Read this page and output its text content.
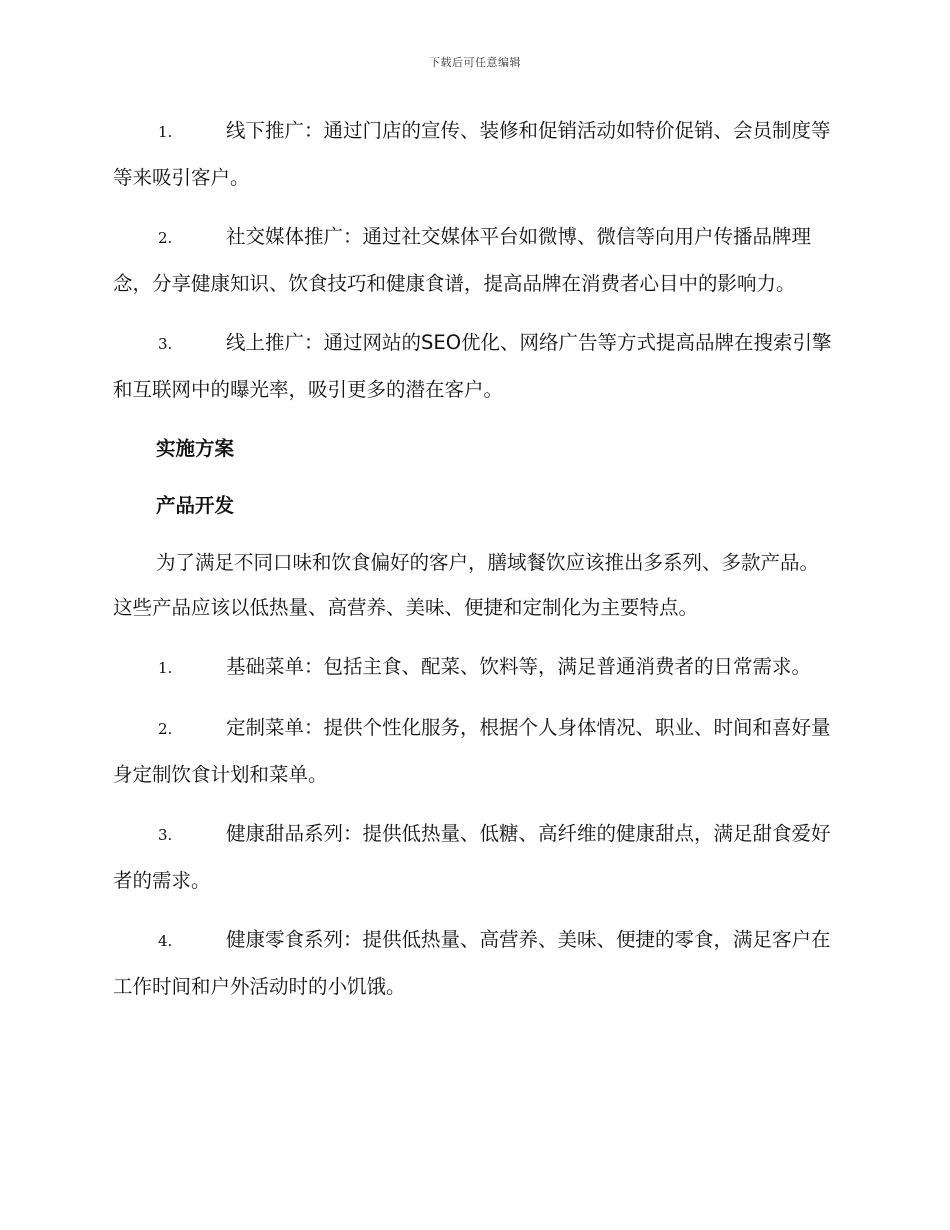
下载后可任意编辑

1.	线下推广：通过门店的宣传、装修和促销活动如特价促销、会员制度等等来吸引客户。

2.	社交媒体推广：通过社交媒体平台如微博、微信等向用户传播品牌理念，分享健康知识、饮食技巧和健康食谱，提高品牌在消费者心目中的影响力。

3.	线上推广：通过网站的SEO优化、网络广告等方式提高品牌在搜索引擎和互联网中的曝光率，吸引更多的潜在客户。

实施方案

产品开发

为了满足不同口味和饮食偏好的客户，膳域餐饮应该推出多系列、多款产品。这些产品应该以低热量、高营养、美味、便捷和定制化为主要特点。

1.	基础菜单：包括主食、配菜、饮料等，满足普通消费者的日常需求。

2.	定制菜单：提供个性化服务，根据个人身体情况、职业、时间和喜好量身定制饮食计划和菜单。

3.	健康甜品系列：提供低热量、低糖、高纤维的健康甜点，满足甜食爱好者的需求。

4.	健康零食系列：提供低热量、高营养、美味、便捷的零食，满足客户在工作时间和户外活动时的小饥饿。
